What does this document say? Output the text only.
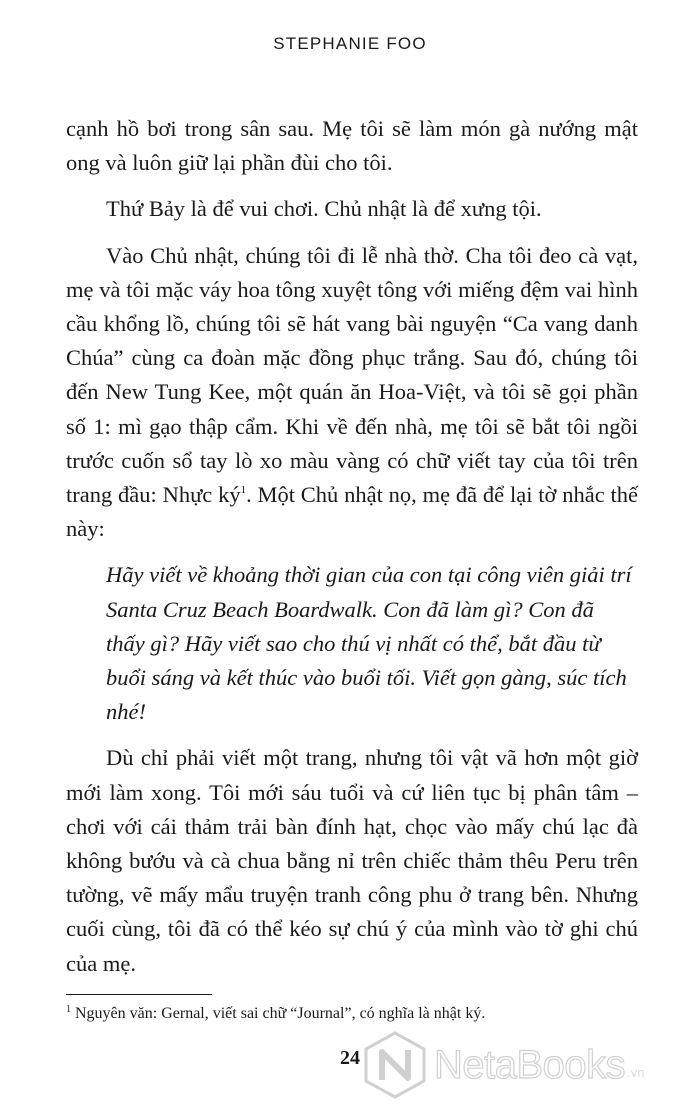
STEPHANIE FOO

cạnh hồ bơi trong sân sau. Mẹ tôi sẽ làm món gà nướng mật ong và luôn giữ lại phần đùi cho tôi.

Thứ Bảy là để vui chơi. Chủ nhật là để xưng tội.

Vào Chủ nhật, chúng tôi đi lễ nhà thờ. Cha tôi đeo cà vạt, mẹ và tôi mặc váy hoa tông xuyệt tông với miếng đệm vai hình cầu khổng lồ, chúng tôi sẽ hát vang bài nguyện “Ca vang danh Chúa” cùng ca đoàn mặc đồng phục trắng. Sau đó, chúng tôi đến New Tung Kee, một quán ăn Hoa-Việt, và tôi sẽ gọi phần số 1: mì gạo thập cẩm. Khi về đến nhà, mẹ tôi sẽ bắt tôi ngồi trước cuốn sổ tay lò xo màu vàng có chữ viết tay của tôi trên trang đầu: Nhực ký$^1$. Một Chủ nhật nọ, mẹ đã để lại tờ nhắc thế này:

Hãy viết về khoảng thời gian của con tại công viên giải trí Santa Cruz Beach Boardwalk. Con đã làm gì? Con đã thấy gì? Hãy viết sao cho thú vị nhất có thể, bắt đầu từ buổi sáng và kết thúc vào buổi tối. Viết gọn gàng, súc tích nhé!

Dù chỉ phải viết một trang, nhưng tôi vật vã hơn một giờ mới làm xong. Tôi mới sáu tuổi và cứ liên tục bị phân tâm – chơi với cái thảm trải bàn đính hạt, chọc vào mấy chú lạc đà không bướu và cà chua bằng nỉ trên chiếc thảm thêu Peru trên tường, vẽ mấy mẩu truyện tranh công phu ở trang bên. Nhưng cuối cùng, tôi đã có thể kéo sự chú ý của mình vào tờ ghi chú của mẹ.

$^1$ Nguyên văn: Gernal, viết sai chữ “Journal”, có nghĩa là nhật ký.
24	NetaBooks .vn
